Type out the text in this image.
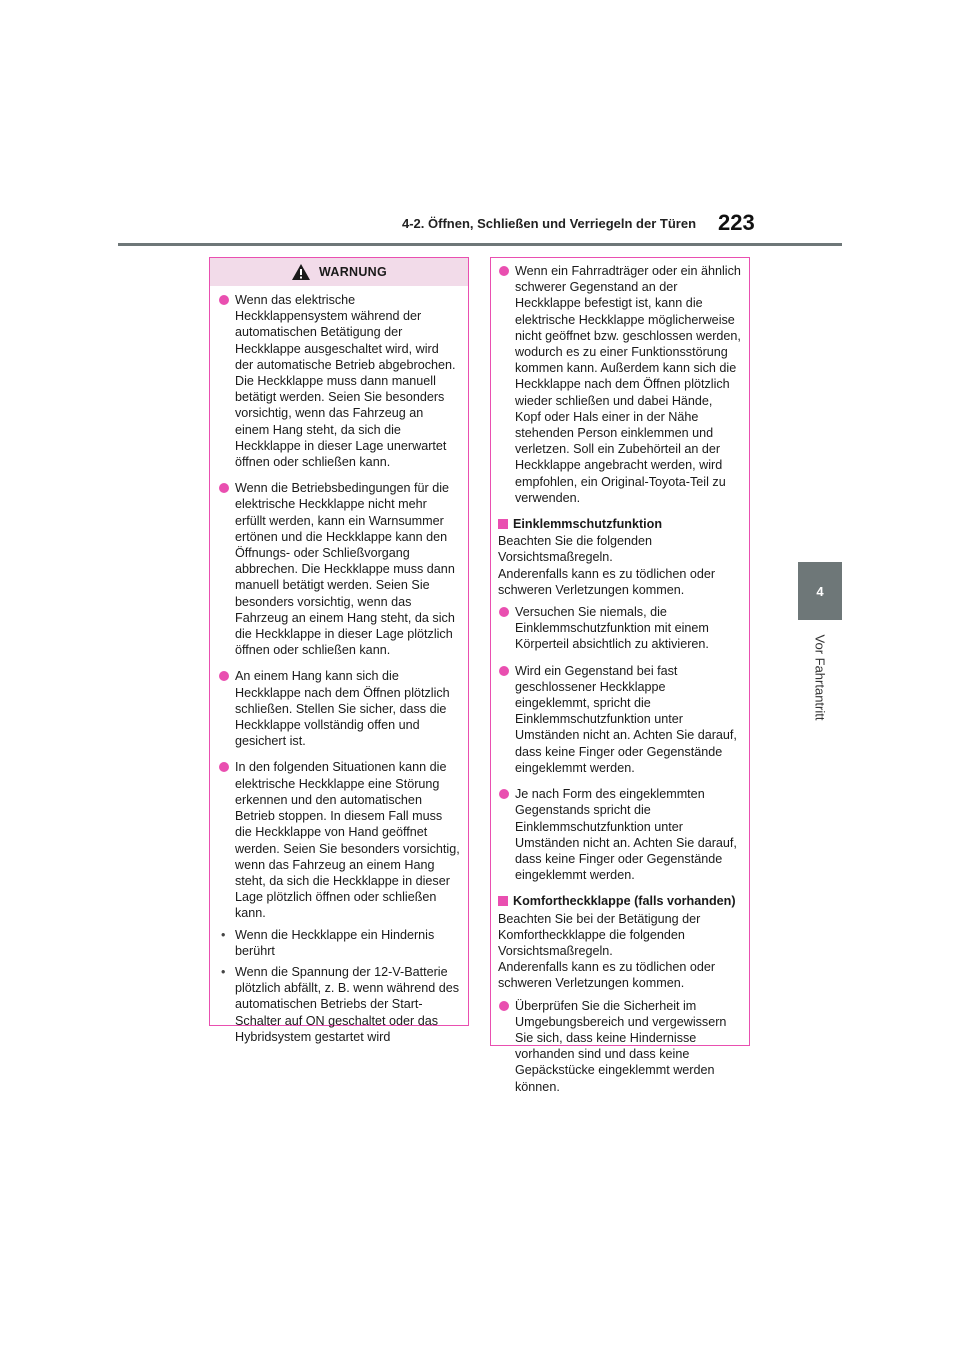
4-2. Öffnen, Schließen und Verriegeln der Türen 223
4
Vor Fahrtantritt
WARNUNG
Wenn das elektrische Heckklappensystem während der automatischen Betätigung der Heckklappe ausgeschaltet wird, wird der automatische Betrieb abgebrochen. Die Heckklappe muss dann manuell betätigt werden. Seien Sie besonders vorsichtig, wenn das Fahrzeug an einem Hang steht, da sich die Heckklappe in dieser Lage unerwartet öffnen oder schließen kann.
Wenn die Betriebsbedingungen für die elektrische Heckklappe nicht mehr erfüllt werden, kann ein Warnsummer ertönen und die Heckklappe kann den Öffnungs- oder Schließvorgang abbrechen. Die Heckklappe muss dann manuell betätigt werden. Seien Sie besonders vorsichtig, wenn das Fahrzeug an einem Hang steht, da sich die Heckklappe in dieser Lage plötzlich öffnen oder schließen kann.
An einem Hang kann sich die Heckklappe nach dem Öffnen plötzlich schließen. Stellen Sie sicher, dass die Heckklappe vollständig offen und gesichert ist.
In den folgenden Situationen kann die elektrische Heckklappe eine Störung erkennen und den automatischen Betrieb stoppen. In diesem Fall muss die Heckklappe von Hand geöffnet werden. Seien Sie besonders vorsichtig, wenn das Fahrzeug an einem Hang steht, da sich die Heckklappe in dieser Lage plötzlich öffnen oder schließen kann.
• Wenn die Heckklappe ein Hindernis berührt
• Wenn die Spannung der 12-V-Batterie plötzlich abfällt, z. B. wenn während des automatischen Betriebs der Start-Schalter auf ON geschaltet oder das Hybridsystem gestartet wird
Wenn ein Fahrradträger oder ein ähnlich schwerer Gegenstand an der Heckklappe befestigt ist, kann die elektrische Heckklappe möglicherweise nicht geöffnet bzw. geschlossen werden, wodurch es zu einer Funktionsstörung kommen kann. Außerdem kann sich die Heckklappe nach dem Öffnen plötzlich wieder schließen und dabei Hände, Kopf oder Hals einer in der Nähe stehenden Person einklemmen und verletzen. Soll ein Zubehörteil an der Heckklappe angebracht werden, wird empfohlen, ein Original-Toyota-Teil zu verwenden.
Einklemmschutzfunktion
Beachten Sie die folgenden Vorsichtsmaßregeln.
Anderenfalls kann es zu tödlichen oder schweren Verletzungen kommen.
Versuchen Sie niemals, die Einklemmschutzfunktion mit einem Körperteil absichtlich zu aktivieren.
Wird ein Gegenstand bei fast geschlossener Heckklappe eingeklemmt, spricht die Einklemmschutzfunktion unter Umständen nicht an. Achten Sie darauf, dass keine Finger oder Gegenstände eingeklemmt werden.
Je nach Form des eingeklemmten Gegenstands spricht die Einklemmschutzfunktion unter Umständen nicht an. Achten Sie darauf, dass keine Finger oder Gegenstände eingeklemmt werden.
Komfortheckklappe (falls vorhanden)
Beachten Sie bei der Betätigung der Komfortheckklappe die folgenden Vorsichtsmaßregeln.
Anderenfalls kann es zu tödlichen oder schweren Verletzungen kommen.
Überprüfen Sie die Sicherheit im Umgebungsbereich und vergewissern Sie sich, dass keine Hindernisse vorhanden sind und dass keine Gepäckstücke eingeklemmt werden können.
